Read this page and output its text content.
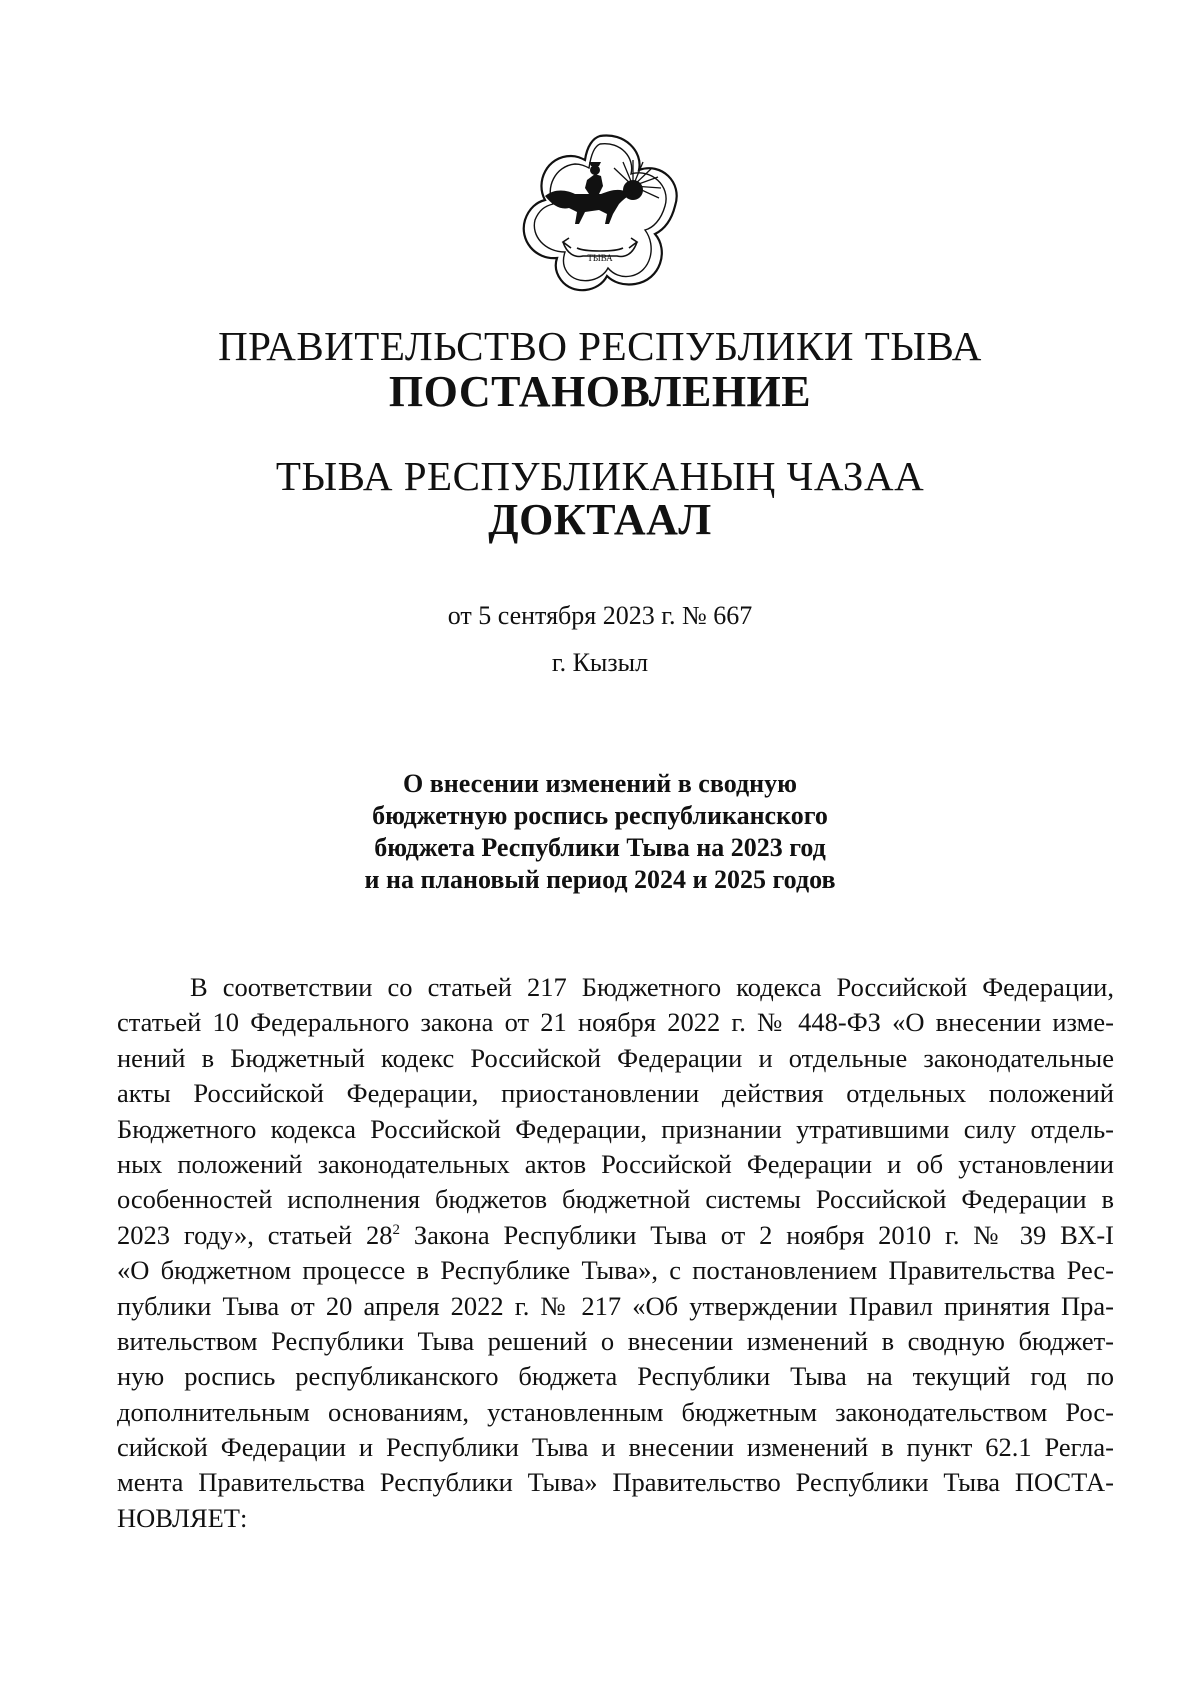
ТЫВА
ПРАВИТЕЛЬСТВО РЕСПУБЛИКИ ТЫВА
ПОСТАНОВЛЕНИЕ
ТЫВА РЕСПУБЛИКАНЫҢ ЧАЗАА
ДОКТААЛ
от 5 сентября 2023 г. № 667
г. Кызыл
О внесении изменений в сводную
бюджетную роспись республиканского
бюджета Республики Тыва на 2023 год
и на плановый период 2024 и 2025 годов
В соответствии со статьей 217 Бюджетного кодекса Российской Федерации,
статьей 10 Федерального закона от 21 ноября 2022 г. № 448-ФЗ «О внесении изме-
нений в Бюджетный кодекс Российской Федерации и отдельные законодательные
акты Российской Федерации, приостановлении действия отдельных положений
Бюджетного кодекса Российской Федерации, признании утратившими силу отдель-
ных положений законодательных актов Российской Федерации и об установлении
особенностей исполнения бюджетов бюджетной системы Российской Федерации в
2023 году», статьей $28^2$ Закона Республики Тыва от 2 ноября 2010 г. № 39 ВХ-I
«О бюджетном процессе в Республике Тыва», с постановлением Правительства Рес-
публики Тыва от 20 апреля 2022 г. № 217 «Об утверждении Правил принятия Пра-
вительством Республики Тыва решений о внесении изменений в сводную бюджет-
ную роспись республиканского бюджета Республики Тыва на текущий год по
дополнительным основаниям, установленным бюджетным законодательством Рос-
сийской Федерации и Республики Тыва и внесении изменений в пункт 62.1 Регла-
мента Правительства Республики Тыва» Правительство Республики Тыва ПОСТА-
НОВЛЯЕТ:
